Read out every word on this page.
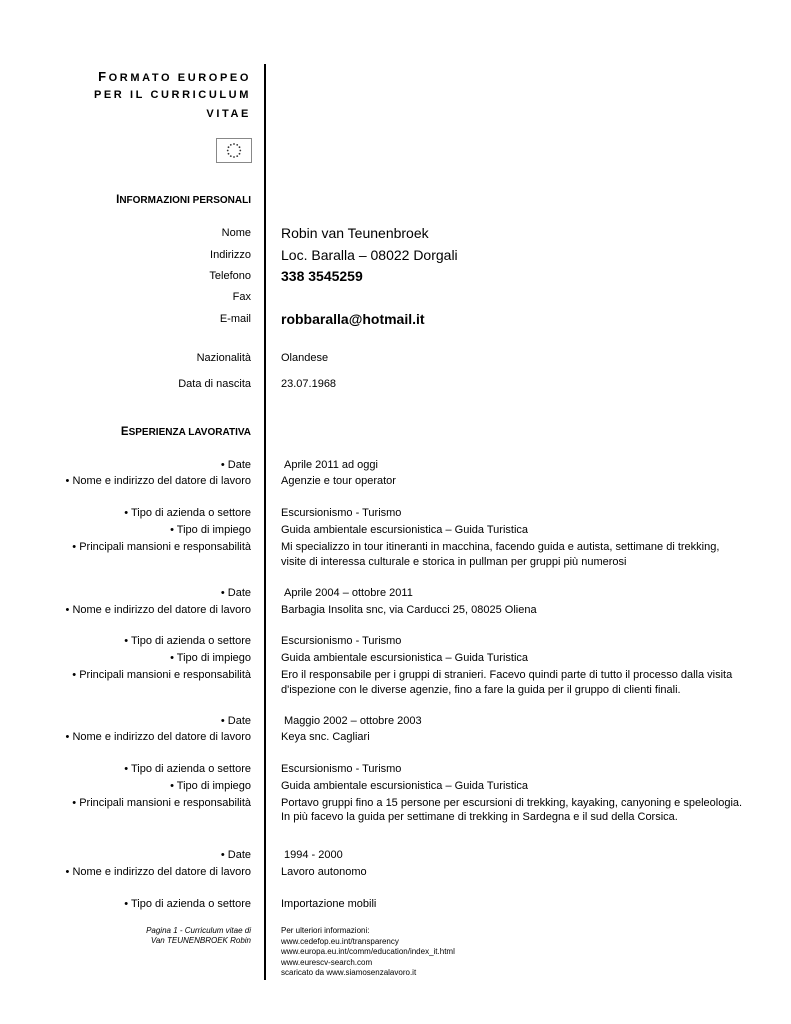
FORMATO EUROPEO
PER IL CURRICULUM
VITAE
INFORMAZIONI PERSONALI
Nome Robin van Teunenbroek
Indirizzo Loc. Baralla – 08022 Dorgali
Telefono 338 3545259
Fax
E-mail robbaralla@hotmail.it
Nazionalità	Olandese
Data di nascita	23.07.1968
ESPERIENZA LAVORATIVA
• Date	Aprile 2011 ad oggi
• Nome e indirizzo del datore di lavoro	Agenzie e tour operator
• Tipo di azienda o settore	Escursionismo - Turismo
• Tipo di impiego	Guida ambientale escursionistica – Guida Turistica
• Principali mansioni e responsabilità	Mi specializzo in tour itineranti in macchina, facendo guida e autista, settimane di trekking,
visite di interessa culturale e storica in pullman per gruppi più numerosi
• Date	Aprile 2004 – ottobre 2011
• Nome e indirizzo del datore di lavoro	Barbagia Insolita snc, via Carducci 25, 08025 Oliena
• Tipo di azienda o settore	Escursionismo - Turismo
• Tipo di impiego	Guida ambientale escursionistica – Guida Turistica
• Principali mansioni e responsabilità	Ero il responsabile per i gruppi di stranieri. Facevo quindi parte di tutto il processo dalla visita
d'ispezione con le diverse agenzie, fino a fare la guida per il gruppo di clienti finali.
• Date	Maggio 2002 – ottobre 2003
• Nome e indirizzo del datore di lavoro	Keya snc. Cagliari
• Tipo di azienda o settore	Escursionismo - Turismo
• Tipo di impiego	Guida ambientale escursionistica – Guida Turistica
• Principali mansioni e responsabilità	Portavo gruppi fino a 15 persone per escursioni di trekking, kayaking, canyoning e speleologia.
In più facevo la guida per settimane di trekking in Sardegna e il sud della Corsica.
• Date	1994 - 2000
• Nome e indirizzo del datore di lavoro	Lavoro autonomo
• Tipo di azienda o settore	Importazione mobili
Pagina 1 - Curriculum vitae di
Van TEUNENBROEK Robin
Per ulteriori informazioni:
www.cedefop.eu.int/transparency
www.europa.eu.int/comm/education/index_it.html
www.eurescv-search.com
scaricato da www.siamosenzalavoro.it
